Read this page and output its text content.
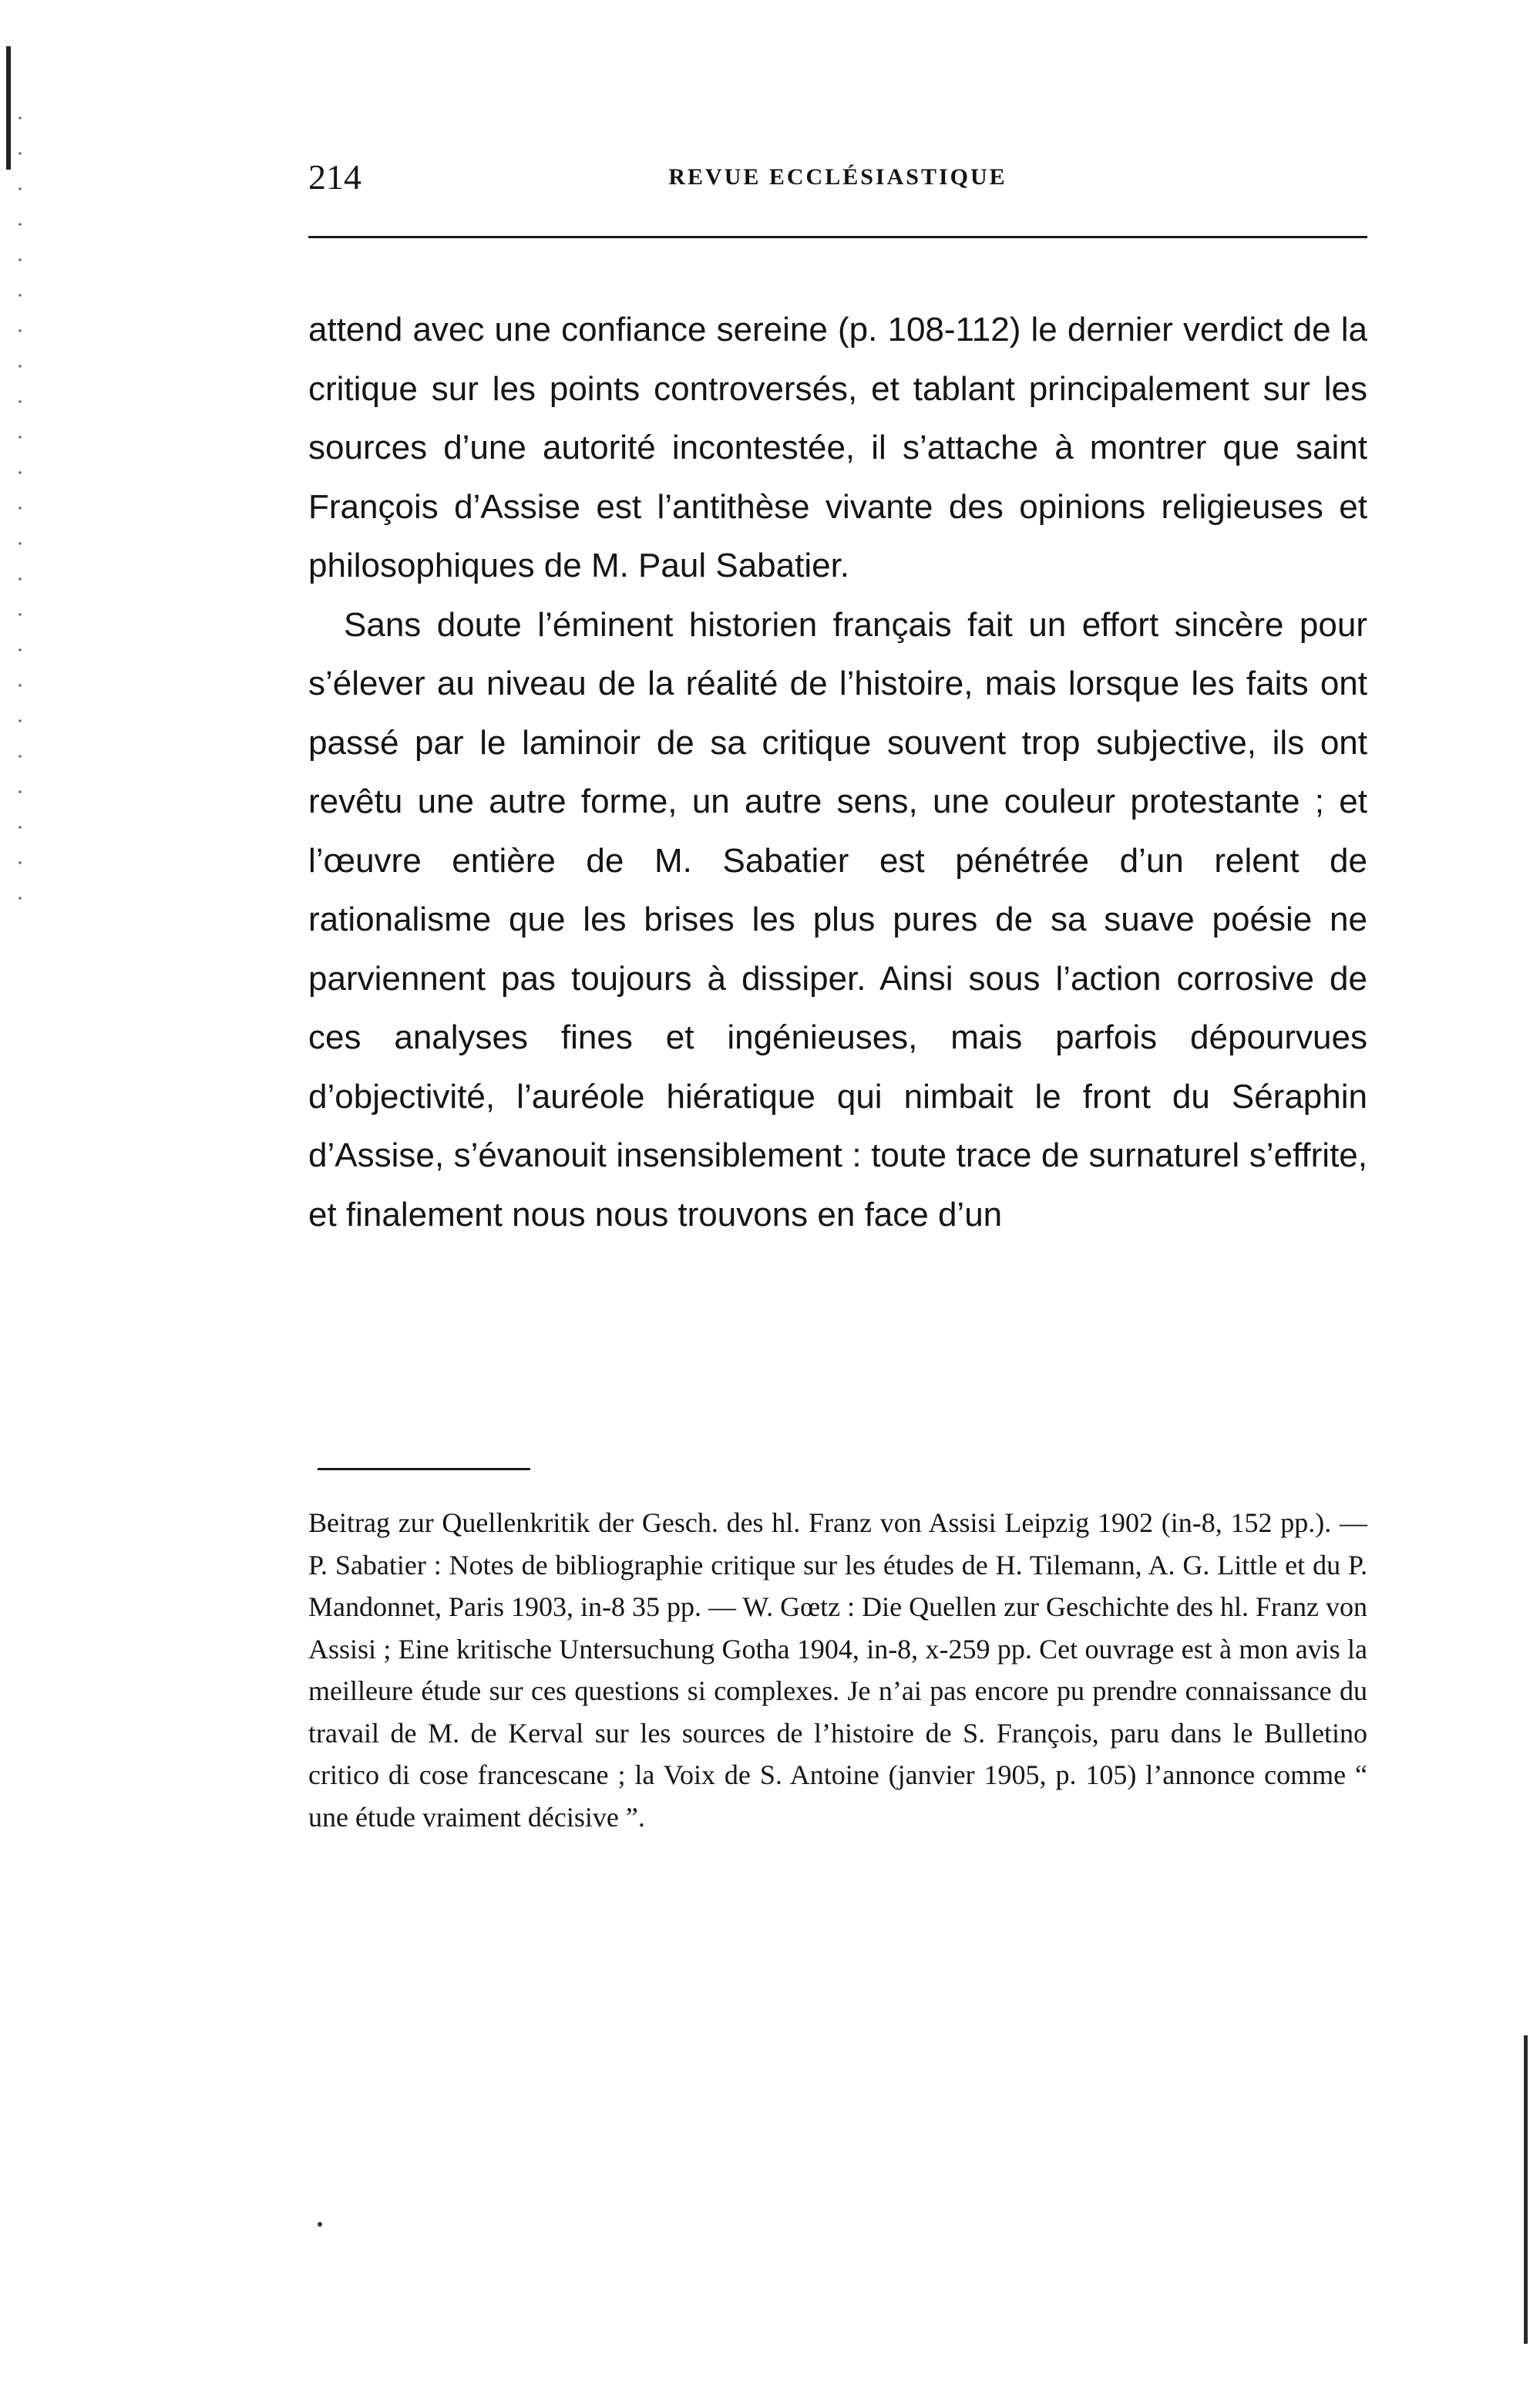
214	REVUE ECCLÉSIASTIQUE

attend avec une confiance sereine (p. 108-112) le dernier verdict de la critique sur les points controversés, et tablant principalement sur les sources d’une autorité incontestée, il s’attache à montrer que saint François d’Assise est l’antithèse vivante des opinions religieuses et philosophiques de M. Paul Sabatier.

Sans doute l’éminent historien français fait un effort sincère pour s’élever au niveau de la réalité de l’histoire, mais lorsque les faits ont passé par le laminoir de sa critique souvent trop subjective, ils ont revêtu une autre forme, un autre sens, une couleur protestante ; et l’œuvre entière de M. Sabatier est pénétrée d’un relent de rationalisme que les brises les plus pures de sa suave poésie ne parviennent pas toujours à dissiper. Ainsi sous l’action corrosive de ces analyses fines et ingénieuses, mais parfois dépourvues d’objectivité, l’auréole hiératique qui nimbait le front du Séraphin d’Assise, s’évanouit insensiblement : toute trace de surnaturel s’effrite, et finalement nous nous trouvons en face d’un

Beitrag zur Quellenkritik der Gesch. des hl. Franz von Assisi Leipzig 1902 (in-8, 152 pp.). — P. Sabatier : Notes de bibliographie critique sur les études de H. Tilemann, A. G. Little et du P. Mandonnet, Paris 1903, in-8 35 pp. — W. Gœtz : Die Quellen zur Geschichte des hl. Franz von Assisi ; Eine kritische Untersuchung Gotha 1904, in-8, x-259 pp. Cet ouvrage est à mon avis la meilleure étude sur ces questions si complexes. Je n’ai pas encore pu prendre connaissance du travail de M. de Kerval sur les sources de l’histoire de S. François, paru dans le Bulletino critico di cose francescane ; la Voix de S. Antoine (janvier 1905, p. 105) l’annonce comme “ une étude vraiment décisive ”.
